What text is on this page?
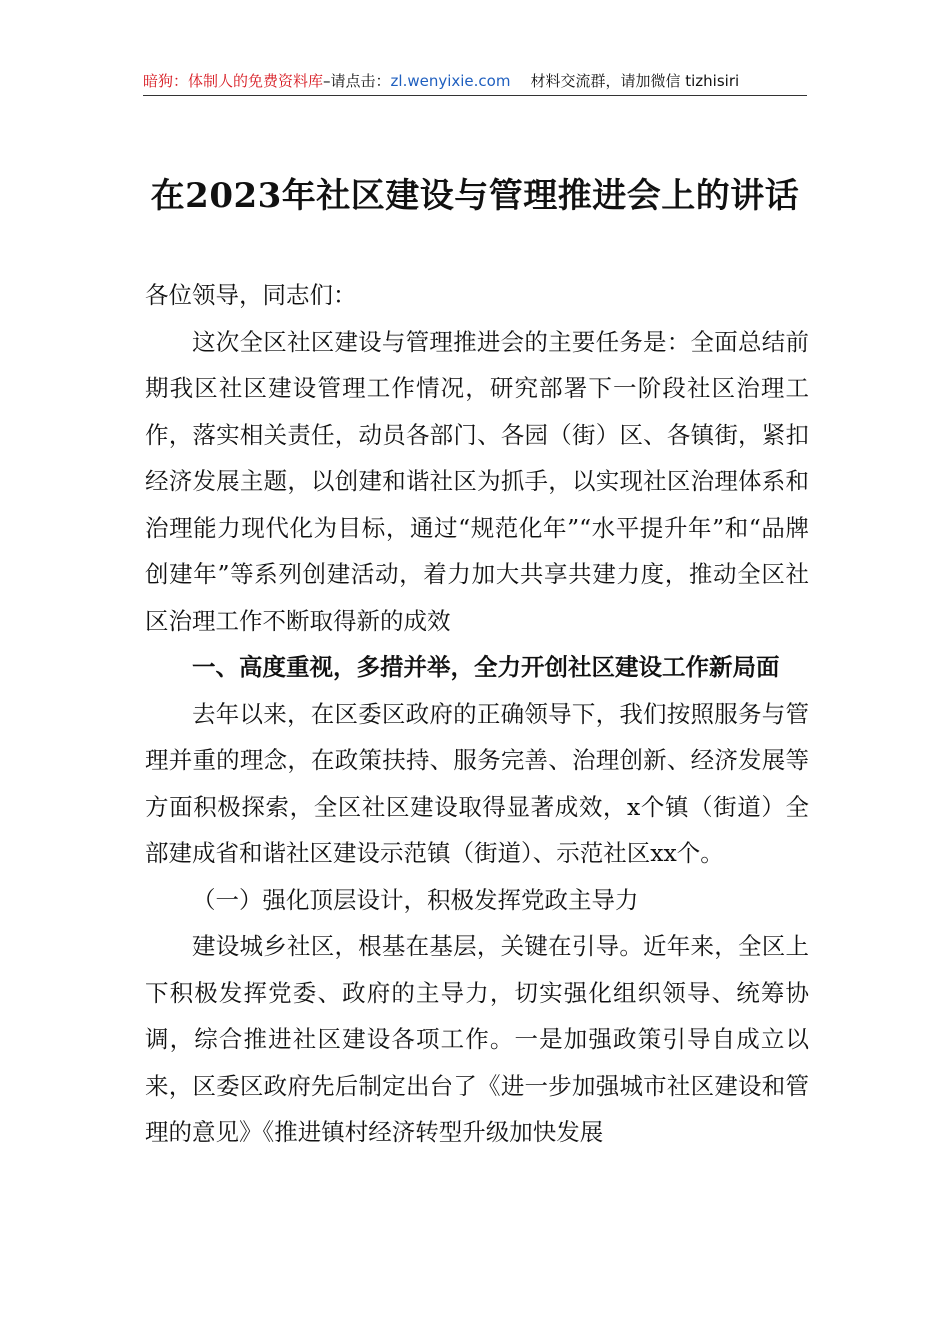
暗狗：体制人的免费资料库–请点击：zl.wenyixie.com 材料交流群，请加微信 tizhisiri
在2023年社区建设与管理推进会上的讲话

各位领导，同志们：

这次全区社区建设与管理推进会的主要任务是：全面总结前期我区社区建设管理工作情况，研究部署下一阶段社区治理工作，落实相关责任，动员各部门、各园（街）区、各镇街，紧扣经济发展主题，以创建和谐社区为抓手，以实现社区治理体系和治理能力现代化为目标，通过“规范化年”“水平提升年”和“品牌创建年”等系列创建活动，着力加大共享共建力度，推动全区社区治理工作不断取得新的成效

一、高度重视，多措并举，全力开创社区建设工作新局面

去年以来，在区委区政府的正确领导下，我们按照服务与管理并重的理念，在政策扶持、服务完善、治理创新、经济发展等方面积极探索，全区社区建设取得显著成效，x个镇（街道）全部建成省和谐社区建设示范镇（街道）、示范社区xx个。

（一）强化顶层设计，积极发挥党政主导力

建设城乡社区，根基在基层，关键在引导。近年来，全区上下积极发挥党委、政府的主导力，切实强化组织领导、统筹协调，综合推进社区建设各项工作。一是加强政策引导自成立以来，区委区政府先后制定出台了《进一步加强城市社区建设和管理的意见》《推进镇村经济转型升级加快发展
